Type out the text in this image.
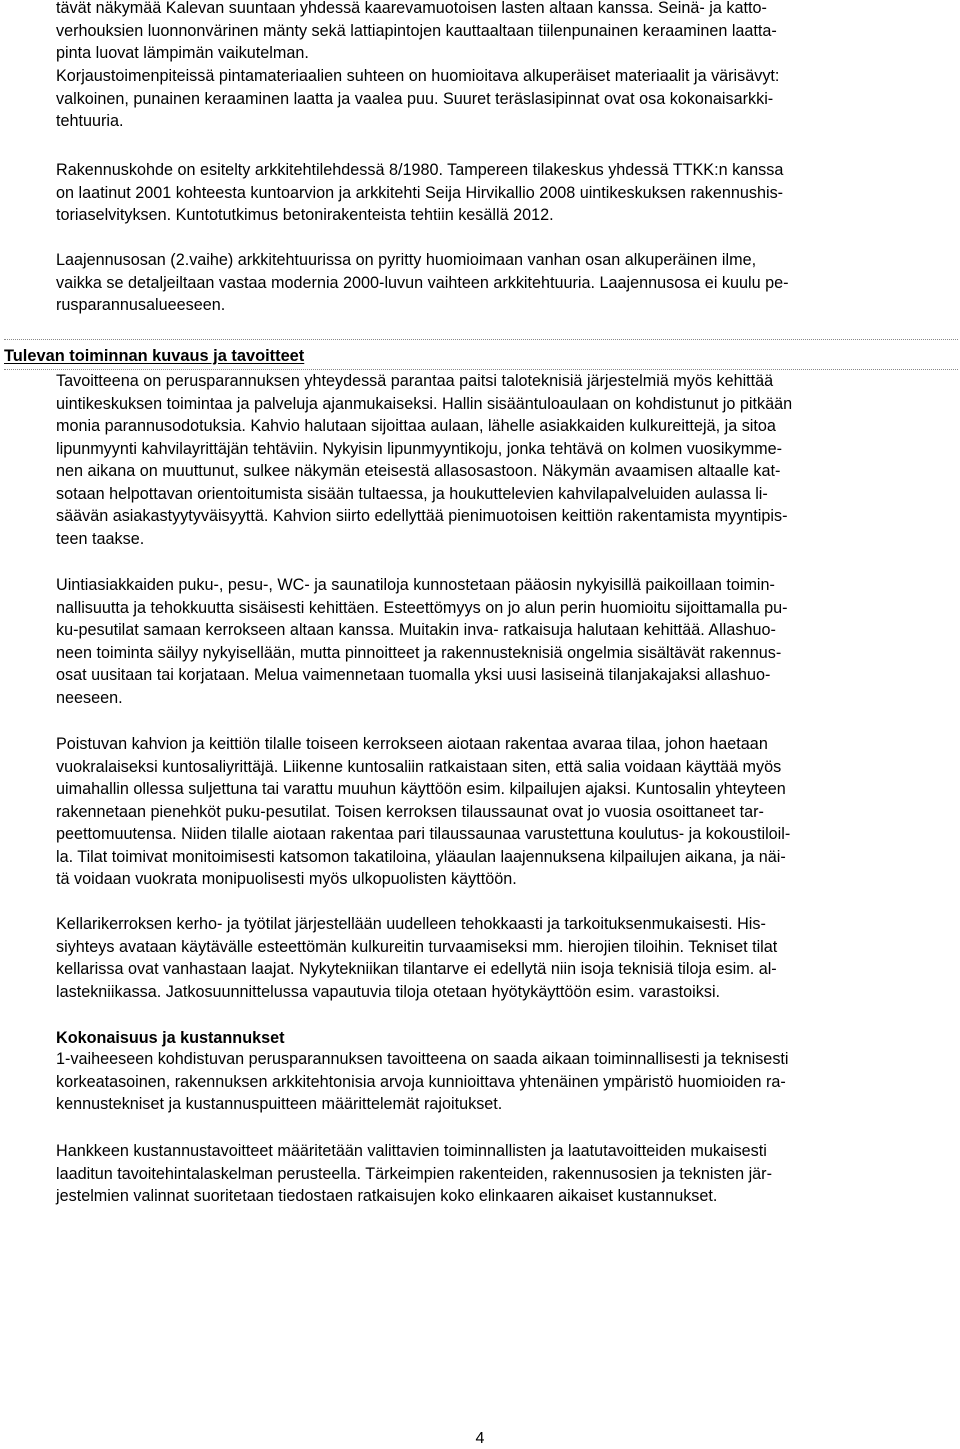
tävät näkymää Kalevan suuntaan yhdessä kaarevamuotoisen lasten altaan kanssa. Seinä- ja katto-
verhouksien luonnonvärinen mänty sekä lattiapintojen kauttaaltaan tiilenpunainen keraaminen laatta-
pinta luovat lämpimän vaikutelman.

Korjaustoimenpiteissä pintamateriaalien suhteen on huomioitava alkuperäiset materiaalit ja värisävyt:
valkoinen, punainen keraaminen laatta ja vaalea puu. Suuret teräslasipinnat ovat osa kokonaisarkki-
tehtuuria.

Rakennuskohde on esitelty arkkitehtilehdessä 8/1980. Tampereen tilakeskus yhdessä TTKK:n kanssa
on laatinut 2001 kohteesta kuntoarvion ja arkkitehti Seija Hirvikallio 2008 uintikeskuksen rakennushis-
toriaselvityksen. Kuntotutkimus betonirakenteista tehtiin kesällä 2012.

Laajennusosan (2.vaihe) arkkitehtuurissa on pyritty huomioimaan vanhan osan alkuperäinen ilme,
vaikka se detaljeiltaan vastaa modernia 2000-luvun vaihteen arkkitehtuuria. Laajennusosa ei kuulu pe-
rusparannusalueeseen.

Tulevan toiminnan kuvaus ja tavoitteet

Tavoitteena on perusparannuksen yhteydessä parantaa paitsi taloteknisiä järjestelmiä myös kehittää
uintikeskuksen toimintaa ja palveluja ajanmukaiseksi. Hallin sisääntuloaulaan on kohdistunut jo pitkään
monia parannusodotuksia. Kahvio halutaan sijoittaa aulaan, lähelle asiakkaiden kulkureittejä, ja sitoa
lipunmyynti kahvilayrittäjän tehtäviin. Nykyisin lipunmyyntikoju, jonka tehtävä on kolmen vuosikymme-
nen aikana on muuttunut, sulkee näkymän eteisestä allasosastoon. Näkymän avaamisen altaalle kat-
sotaan helpottavan orientoitumista sisään tultaessa, ja houkuttelevien kahvilapalveluiden aulassa li-
säävän asiakastyytyväisyyttä. Kahvion siirto edellyttää pienimuotoisen keittiön rakentamista myyntipis-
teen taakse.

Uintiasiakkaiden puku-, pesu-, WC- ja saunatiloja kunnostetaan pääosin nykyisillä paikoillaan toimin-
nallisuutta ja tehokkuutta sisäisesti kehittäen. Esteettömyys on jo alun perin huomioitu sijoittamalla pu-
ku-pesutilat samaan kerrokseen altaan kanssa. Muitakin inva- ratkaisuja halutaan kehittää. Allashuo-
neen toiminta säilyy nykyisellään, mutta pinnoitteet ja rakennusteknisiä ongelmia sisältävät rakennus-
osat uusitaan tai korjataan. Melua vaimennetaan tuomalla yksi uusi lasiseinä tilanjakajaksi allashuo-
neeseen.

Poistuvan kahvion ja keittiön tilalle toiseen kerrokseen aiotaan rakentaa avaraa tilaa, johon haetaan
vuokralaiseksi kuntosaliyrittäjä. Liikenne kuntosaliin ratkaistaan siten, että salia voidaan käyttää myös
uimahallin ollessa suljettuna tai varattu muuhun käyttöön esim. kilpailujen ajaksi. Kuntosalin yhteyteen
rakennetaan pienehköt puku-pesutilat. Toisen kerroksen tilaussaunat ovat jo vuosia osoittaneet tar-
peettomuutensa. Niiden tilalle aiotaan rakentaa pari tilaussaunaa varustettuna koulutus- ja kokoustiloil-
la. Tilat toimivat monitoimisesti katsomon takatiloina, yläaulan laajennuksena kilpailujen aikana, ja näi-
tä voidaan vuokrata monipuolisesti myös ulkopuolisten käyttöön.

Kellarikerroksen kerho- ja työtilat järjestellään uudelleen tehokkaasti ja tarkoituksenmukaisesti. His-
siyhteys avataan käytävälle esteettömän kulkureitin turvaamiseksi mm. hierojien tiloihin. Tekniset tilat
kellarissa ovat vanhastaan laajat. Nykytekniikan tilantarve ei edellytä niin isoja teknisiä tiloja esim. al-
lastekniikassa. Jatkosuunnittelussa vapautuvia tiloja otetaan hyötykäyttöön esim. varastoiksi.

Kokonaisuus ja kustannukset

1-vaiheeseen kohdistuvan perusparannuksen tavoitteena on saada aikaan toiminnallisesti ja teknisesti
korkeatasoinen, rakennuksen arkkitehtonisia arvoja kunnioittava yhtenäinen ympäristö huomioiden ra-
kennustekniset ja kustannuspuitteen määrittelemät rajoitukset.

Hankkeen kustannustavoitteet määritetään valittavien toiminnallisten ja laatutavoitteiden mukaisesti
laaditun tavoitehintalaskelman perusteella. Tärkeimpien rakenteiden, rakennusosien ja teknisten jär-
jestelmien valinnat suoritetaan tiedostaen ratkaisujen koko elinkaaren aikaiset kustannukset.

4
